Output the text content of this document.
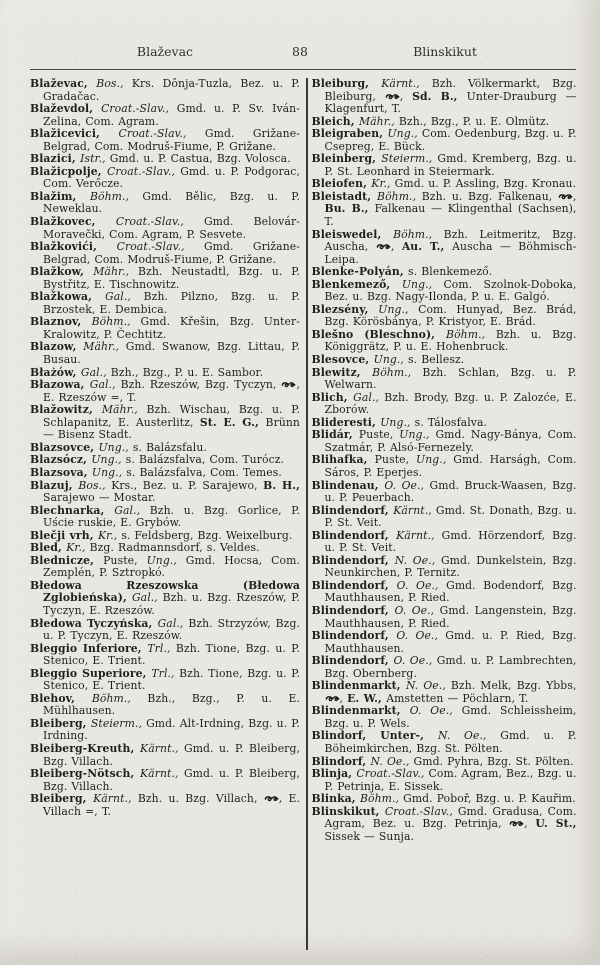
Blaževac	88	Blinskikut

Blaževac, Bos., Krs. Dônja-Tuzla, Bez. u. P. Gradačac.

Blaževdol, Croat.-Slav., Gmd. u. P. Sv. Iván-Zelina, Com. Agram.

Blažicevici, Croat.-Slav., Gmd. Grižane-Belgrad, Com. Modruš-Fiume, P. Grižane.

Blazici, Istr., Gmd. u. P. Castua, Bzg. Volosca.

Blažicpolje, Croat.-Slav., Gmd. u. P. Podgorac, Com. Verőcze.

Blažim, Böhm., Gmd. Bělic, Bzg. u. P. Neweklau.

Blažkovec, Croat.-Slav., Gmd. Belovár-Moravečki, Com. Agram, P. Sesvete.

Blažkovići, Croat.-Slav., Gmd. Grižane-Belgrad, Com. Modruš-Fiume, P. Grižane.

Blažkow, Mähr., Bzh. Neustadtl, Bzg. u. P. Bystřitz, E. Tischnowitz.

Blažkowa, Gal., Bzh. Pilzno, Bzg. u. P. Brzostek, E. Dembica.

Blaznov, Böhm., Gmd. Křešin, Bzg. Unter-Kralowitz, P. Čechtitz.

Blazow, Mähr., Gmd. Swanow, Bzg. Littau, P. Busau.

Błażów, Gal., Bzh., Bzg., P. u. E. Sambor.

Błazowa, Gal., Bzh. Rzeszów, Bzg. Tyczyn, , E. Rzeszów =, T.

Blažowitz, Mähr., Bzh. Wischau, Bzg. u. P. Schlapanitz, E. Austerlitz, St. E. G., Brünn — Bisenz Stadt.

Blazsovce, Ung., s. Balázsfalu.

Blazsócz, Ung., s. Balázsfalva, Com. Turócz.

Blazsova, Ung., s. Balázsfalva, Com. Temes.

Blazuj, Bos., Krs., Bez. u. P. Sarajewo, B. H., Sarajewo — Mostar.

Blechnarka, Gal., Bzh. u. Bzg. Gorlice, P. Uście ruskie, E. Grybów.

Blečji vrh, Kr., s. Feldsberg, Bzg. Weixelburg.

Bled, Kr., Bzg. Radmannsdorf, s. Veldes.

Blednicze, Puste, Ung., Gmd. Hocsa, Com. Zemplén, P. Sztropkó.

Błedowa Rzeszowska (Błedowa Zglobieńska), Gal., Bzh. u. Bzg. Rzeszów, P. Tyczyn, E. Rzeszów.

Błedowa Tyczyńska, Gal., Bzh. Strzyzów, Bzg. u. P. Tyczyn, E. Rzeszów.

Bleggio Inferiore, Trl., Bzh. Tione, Bzg. u. P. Stenico, E. Trient.

Bleggio Superiore, Trl., Bzh. Tione, Bzg. u. P. Stenico, E. Trient.

Blehov, Böhm., Bzh., Bzg., P. u. E. Mühlhausen.

Bleiberg, Steierm., Gmd. Alt-Irdning, Bzg. u. P. Irdning.

Bleiberg-Kreuth, Kärnt., Gmd. u. P. Bleiberg, Bzg. Villach.

Bleiberg-Nötsch, Kärnt., Gmd. u. P. Bleiberg, Bzg. Villach.

Bleiberg, Kärnt., Bzh. u. Bzg. Villach, , E. Villach =, T.

Bleiburg, Kärnt., Bzh. Völkermarkt, Bzg. Bleiburg, , Sd. B., Unter-Drauburg — Klagenfurt, T.

Bleich, Mähr., Bzh., Bzg., P. u. E. Olmütz.

Bleigraben, Ung., Com. Oedenburg, Bzg. u. P. Csepreg, E. Bück.

Bleinberg, Steierm., Gmd. Kremberg, Bzg. u. P. St. Leonhard in Steiermark.

Bleiofen, Kr., Gmd. u. P. Assling, Bzg. Kronau.

Bleistadt, Böhm., Bzh. u. Bzg. Falkenau, , Bu. B., Falkenau — Klingenthal (Sachsen), T.

Bleiswedel, Böhm., Bzh. Leitmeritz, Bzg. Auscha, , Au. T., Auscha — Böhmisch-Leipa.

Blenke-Polyán, s. Blenkemező.

Blenkemező, Ung., Com. Szolnok-Doboka, Bez. u. Bzg. Nagy-Ilonda, P. u. E. Galgó.

Blezsény, Ung., Com. Hunyad, Bez. Brád, Bzg. Körösbánya, P. Kristyor, E. Brád.

Blešno (Bleschno), Böhm., Bzh. u. Bzg. Königgrätz, P. u. E. Hohenbruck.

Blesovce, Ung., s. Bellesz.

Blewitz, Böhm., Bzh. Schlan, Bzg. u. P. Welwarn.

Blich, Gal., Bzh. Brody, Bzg. u. P. Zalozće, E. Zborów.

Blideresti, Ung., s. Tálosfalva.

Blidár, Puste, Ung., Gmd. Nagy-Bánya, Com. Szatmár, P. Alsó-Fernezely.

Blihafka, Puste, Ung., Gmd. Harságh, Com. Sáros, P. Eperjes.

Blindenau, O. Oe., Gmd. Bruck-Waasen, Bzg. u. P. Peuerbach.

Blindendorf, Kärnt., Gmd. St. Donath, Bzg. u. P. St. Veit.

Blindendorf, Kärnt., Gmd. Hörzendorf, Bzg. u. P. St. Veit.

Blindendorf, N. Oe., Gmd. Dunkelstein, Bzg. Neunkirchen, P. Ternitz.

Blindendorf, O. Oe., Gmd. Bodendorf, Bzg. Mauthhausen, P. Ried.

Blindendorf, O. Oe., Gmd. Langenstein, Bzg. Mauthhausen, P. Ried.

Blindendorf, O. Oe., Gmd. u. P. Ried, Bzg. Mauthhausen.

Blindendorf, O. Oe., Gmd. u. P. Lambrechten, Bzg. Obernberg.

Blindenmarkt, N. Oe., Bzh. Melk, Bzg. Ybbs, , E. W., Amstetten — Pöchlarn, T.

Blindenmarkt, O. Oe., Gmd. Schleissheim, Bzg. u. P. Wels.

Blindorf, Unter-, N. Oe., Gmd. u. P. Böheimkirchen, Bzg. St. Pölten.

Blindorf, N. Oe., Gmd. Pyhra, Bzg. St. Pölten.

Blinja, Croat.-Slav., Com. Agram, Bez., Bzg. u. P. Petrinja, E. Sissek.

Blinka, Böhm., Gmd. Poboř, Bzg. u. P. Kauřim.

Blinskikut, Croat.-Slav., Gmd. Gradusa, Com. Agram, Bez. u. Bzg. Petrinja, , U. St., Sissek — Sunja.
